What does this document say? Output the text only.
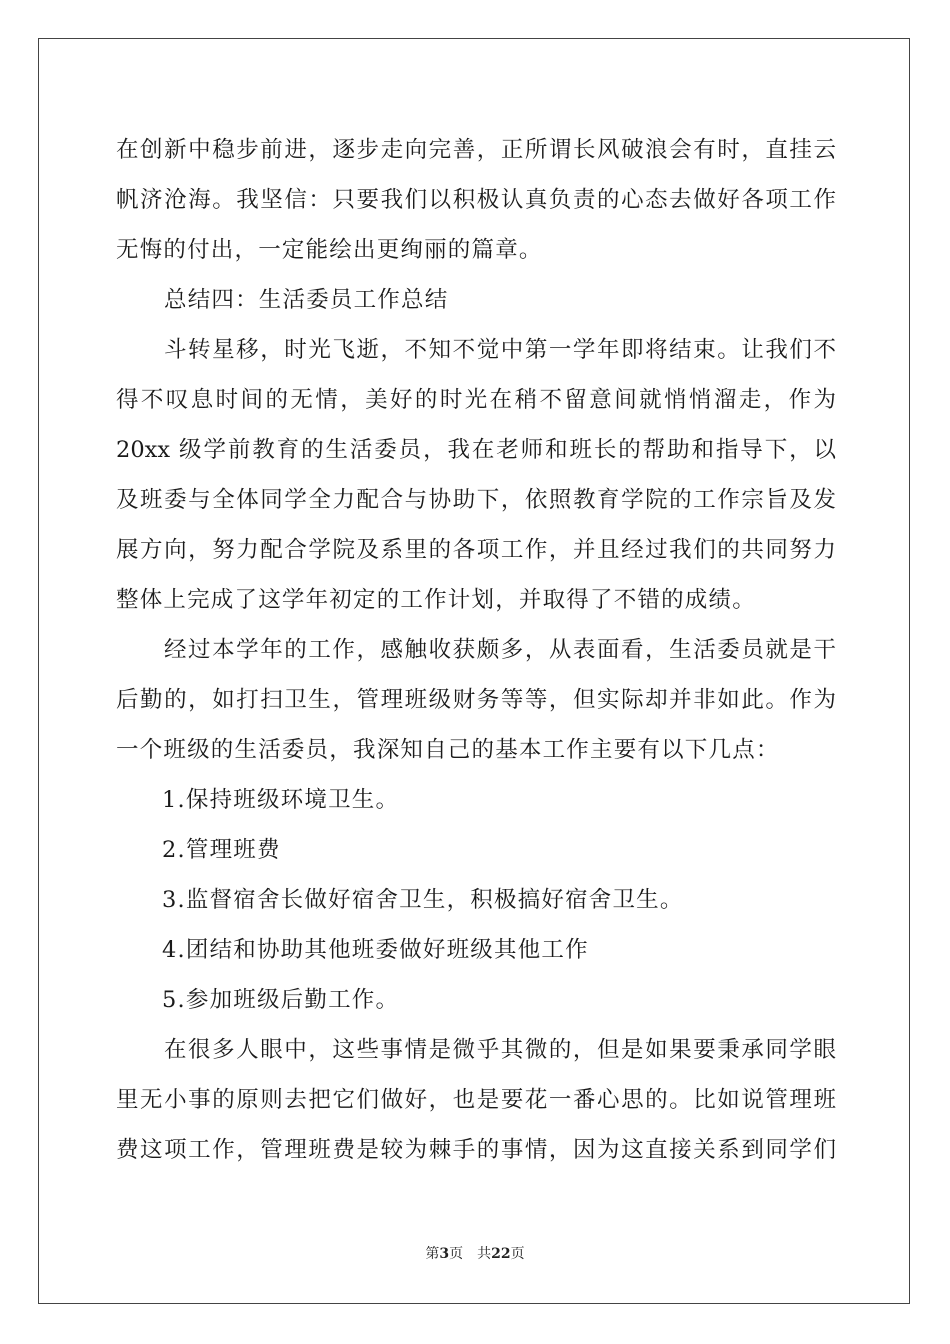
在创新中稳步前进，逐步走向完善，正所谓长风破浪会有时，直挂云
帆济沧海。我坚信：只要我们以积极认真负责的心态去做好各项工作
无悔的付出，一定能绘出更绚丽的篇章。
总结四：生活委员工作总结
斗转星移，时光飞逝，不知不觉中第一学年即将结束。让我们不
得不叹息时间的无情，美好的时光在稍不留意间就悄悄溜走，作为
20xx 级学前教育的生活委员，我在老师和班长的帮助和指导下，以
及班委与全体同学全力配合与协助下，依照教育学院的工作宗旨及发
展方向，努力配合学院及系里的各项工作，并且经过我们的共同努力
整体上完成了这学年初定的工作计划，并取得了不错的成绩。
经过本学年的工作，感触收获颇多，从表面看，生活委员就是干
后勤的，如打扫卫生，管理班级财务等等，但实际却并非如此。作为
一个班级的生活委员，我深知自己的基本工作主要有以下几点：
1.保持班级环境卫生。
2.管理班费
3.监督宿舍长做好宿舍卫生，积极搞好宿舍卫生。
4.团结和协助其他班委做好班级其他工作
5.参加班级后勤工作。
在很多人眼中，这些事情是微乎其微的，但是如果要秉承同学眼
里无小事的原则去把它们做好，也是要花一番心思的。比如说管理班
费这项工作，管理班费是较为棘手的事情，因为这直接关系到同学们
第3页 共22页
